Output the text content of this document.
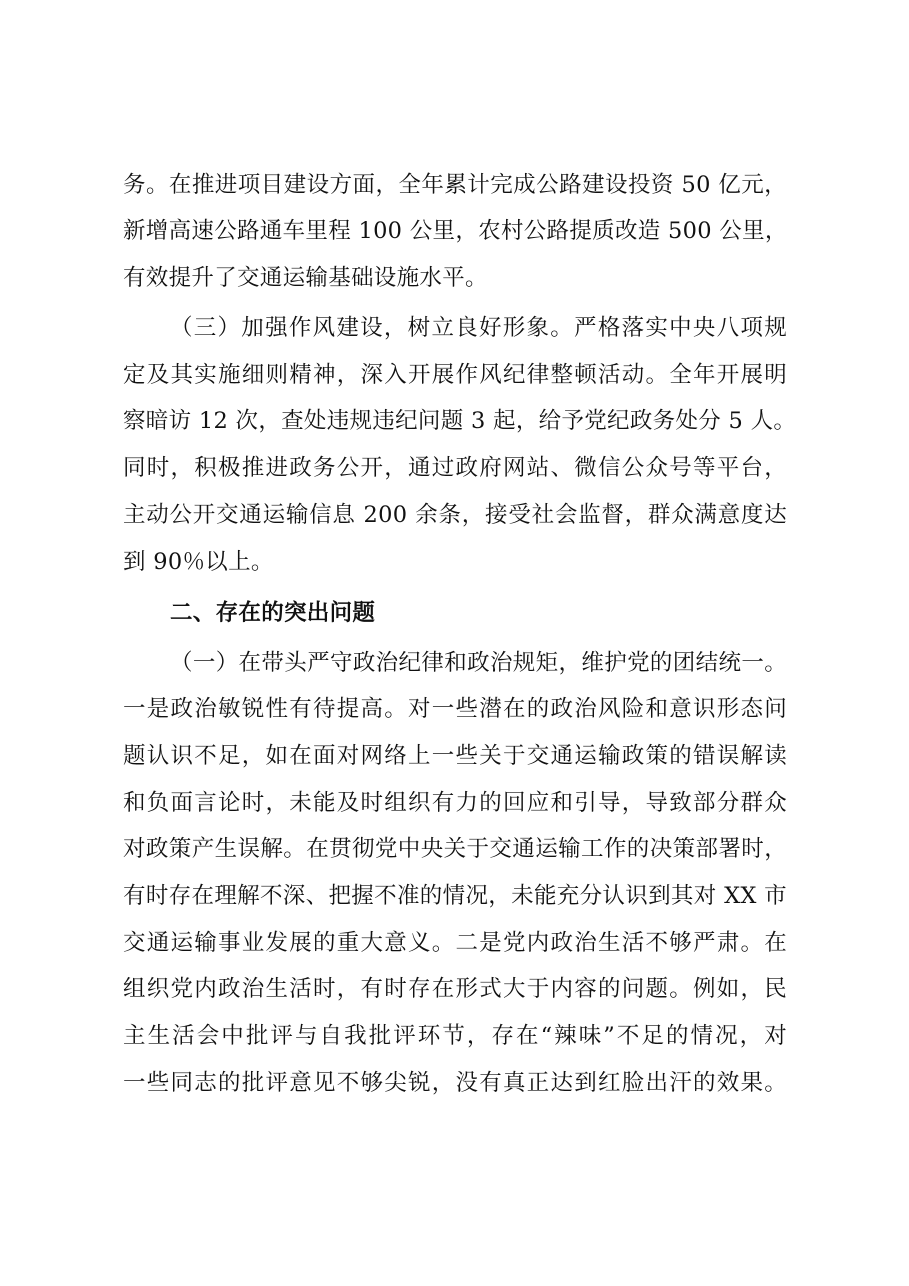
务。在推进项目建设方面，全年累计完成公路建设投资 50 亿元，
新增高速公路通车里程 100 公里，农村公路提质改造 500 公里，
有效提升了交通运输基础设施水平。
（三）加强作风建设，树立良好形象。严格落实中央八项规
定及其实施细则精神，深入开展作风纪律整顿活动。全年开展明
察暗访 12 次，查处违规违纪问题 3 起，给予党纪政务处分 5 人。
同时，积极推进政务公开，通过政府网站、微信公众号等平台，
主动公开交通运输信息 200 余条，接受社会监督，群众满意度达
到 90％以上。
二、存在的突出问题
（一）在带头严守政治纪律和政治规矩，维护党的团结统一。
一是政治敏锐性有待提高。对一些潜在的政治风险和意识形态问
题认识不足，如在面对网络上一些关于交通运输政策的错误解读
和负面言论时，未能及时组织有力的回应和引导，导致部分群众
对政策产生误解。在贯彻党中央关于交通运输工作的决策部署时，
有时存在理解不深、把握不准的情况，未能充分认识到其对 XX 市
交通运输事业发展的重大意义。二是党内政治生活不够严肃。在
组织党内政治生活时，有时存在形式大于内容的问题。例如，民
主生活会中批评与自我批评环节，存在“辣味”不足的情况，对
一些同志的批评意见不够尖锐，没有真正达到红脸出汗的效果。
